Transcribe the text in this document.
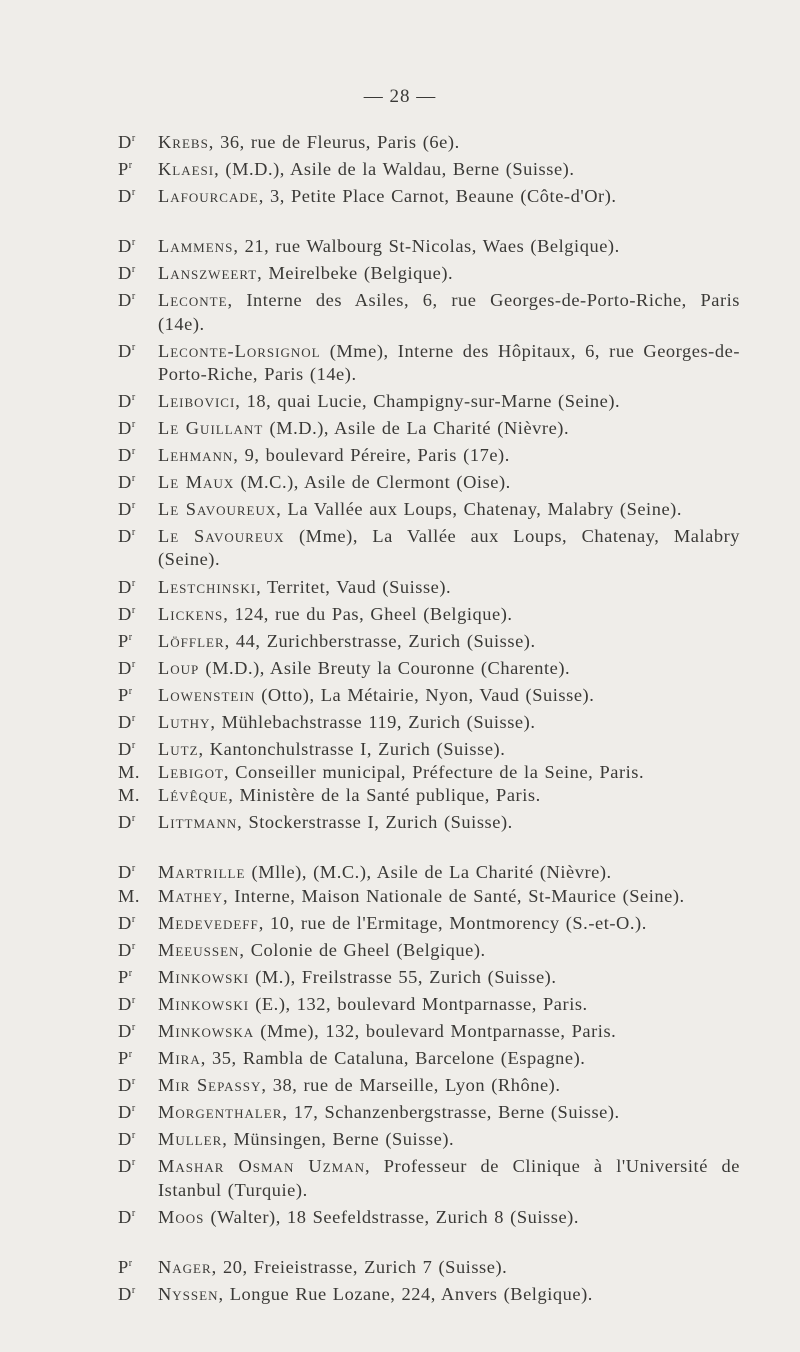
— 28 —
$D^r$ Krebs, 36, rue de Fleurus, Paris (6e).
$P^r$ Klaesi, (M.D.), Asile de la Waldau, Berne (Suisse).
$D^r$ Lafourcade, 3, Petite Place Carnot, Beaune (Côte-d'Or).
$D^r$ Lammens, 21, rue Walbourg St-Nicolas, Waes (Belgique).
$D^r$ Lanszweert, Meirelbeke (Belgique).
$D^r$ Leconte, Interne des Asiles, 6, rue Georges-de-Porto-Riche, Paris (14e).
$D^r$ Leconte-Lorsignol (Mme), Interne des Hôpitaux, 6, rue Georges-de-Porto-Riche, Paris (14e).
$D^r$ Leibovici, 18, quai Lucie, Champigny-sur-Marne (Seine).
$D^r$ Le Guillant (M.D.), Asile de La Charité (Nièvre).
$D^r$ Lehmann, 9, boulevard Péreire, Paris (17e).
$D^r$ Le Maux (M.C.), Asile de Clermont (Oise).
$D^r$ Le Savoureux, La Vallée aux Loups, Chatenay, Malabry (Seine).
$D^r$ Le Savoureux (Mme), La Vallée aux Loups, Chatenay, Malabry (Seine).
$D^r$ Lestchinski, Territet, Vaud (Suisse).
$D^r$ Lickens, 124, rue du Pas, Gheel (Belgique).
$P^r$ Löffler, 44, Zurichberstrasse, Zurich (Suisse).
$D^r$ Loup (M.D.), Asile Breuty la Couronne (Charente).
$P^r$ Lowenstein (Otto), La Métairie, Nyon, Vaud (Suisse).
$D^r$ Luthy, Mühlebachstrasse 119, Zurich (Suisse).
$D^r$ Lutz, Kantonchulstrasse I, Zurich (Suisse).
M. Lebigot, Conseiller municipal, Préfecture de la Seine, Paris.
M. Lévêque, Ministère de la Santé publique, Paris.
$D^r$ Littmann, Stockerstrasse I, Zurich (Suisse).
$D^r$ Martrille (Mlle), (M.C.), Asile de La Charité (Nièvre).
M. Mathey, Interne, Maison Nationale de Santé, St-Maurice (Seine).
$D^r$ Medevedeff, 10, rue de l'Ermitage, Montmorency (S.-et-O.).
$D^r$ Meeussen, Colonie de Gheel (Belgique).
$P^r$ Minkowski (M.), Freilstrasse 55, Zurich (Suisse).
$D^r$ Minkowski (E.), 132, boulevard Montparnasse, Paris.
$D^r$ Minkowska (Mme), 132, boulevard Montparnasse, Paris.
$P^r$ Mira, 35, Rambla de Cataluna, Barcelone (Espagne).
$D^r$ Mir Sepassy, 38, rue de Marseille, Lyon (Rhône).
$D^r$ Morgenthaler, 17, Schanzenbergstrasse, Berne (Suisse).
$D^r$ Muller, Münsingen, Berne (Suisse).
$D^r$ Mashar Osman Uzman, Professeur de Clinique à l'Université de Istanbul (Turquie).
$D^r$ Moos (Walter), 18 Seefeldstrasse, Zurich 8 (Suisse).
$P^r$ Nager, 20, Freieistrasse, Zurich 7 (Suisse).
$D^r$ Nyssen, Longue Rue Lozane, 224, Anvers (Belgique).
